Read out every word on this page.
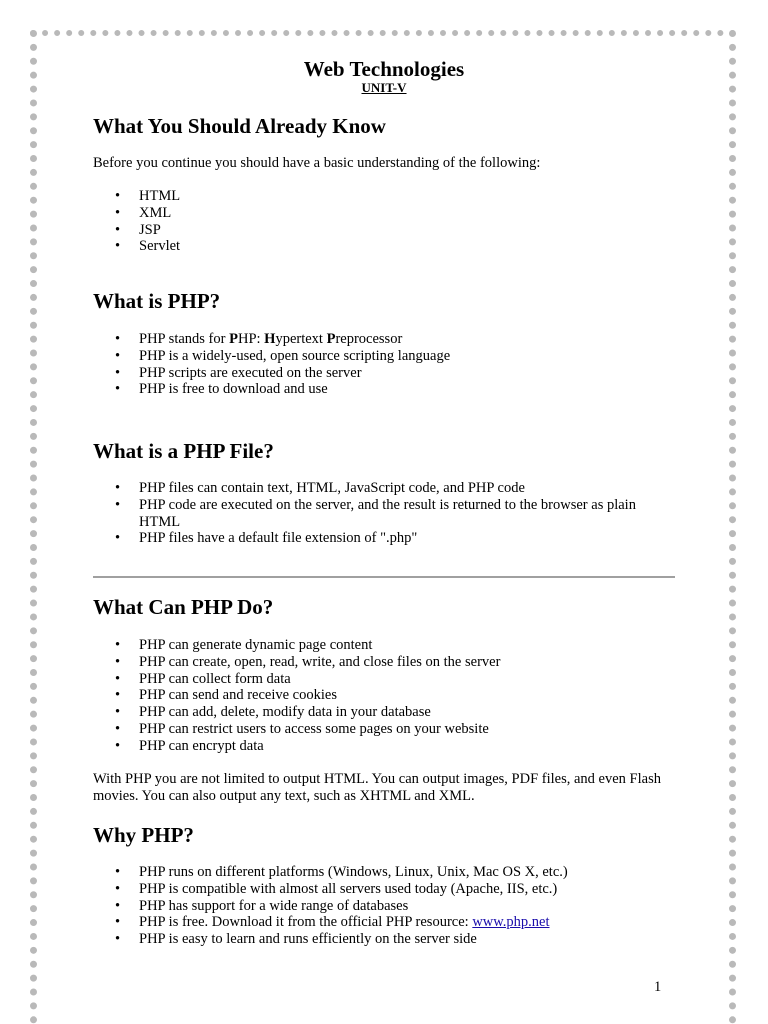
Web Technologies
UNIT-V
What You Should Already Know

Before you continue you should have a basic understanding of the following:

• HTML
• XML
• JSP
• Servlet
What is PHP?
• PHP stands for PHP: Hypertext Preprocessor
• PHP is a widely-used, open source scripting language
• PHP scripts are executed on the server
• PHP is free to download and use
What is a PHP File?
• PHP files can contain text, HTML, JavaScript code, and PHP code
• PHP code are executed on the server, and the result is returned to the browser as plain HTML
• PHP files have a default file extension of ".php"
What Can PHP Do?
• PHP can generate dynamic page content
• PHP can create, open, read, write, and close files on the server
• PHP can collect form data
• PHP can send and receive cookies
• PHP can add, delete, modify data in your database
• PHP can restrict users to access some pages on your website
• PHP can encrypt data

With PHP you are not limited to output HTML. You can output images, PDF files, and even Flash movies. You can also output any text, such as XHTML and XML.

Why PHP?
• PHP runs on different platforms (Windows, Linux, Unix, Mac OS X, etc.)
• PHP is compatible with almost all servers used today (Apache, IIS, etc.)
• PHP has support for a wide range of databases
• PHP is free. Download it from the official PHP resource: www.php.net
• PHP is easy to learn and runs efficiently on the server side
1
